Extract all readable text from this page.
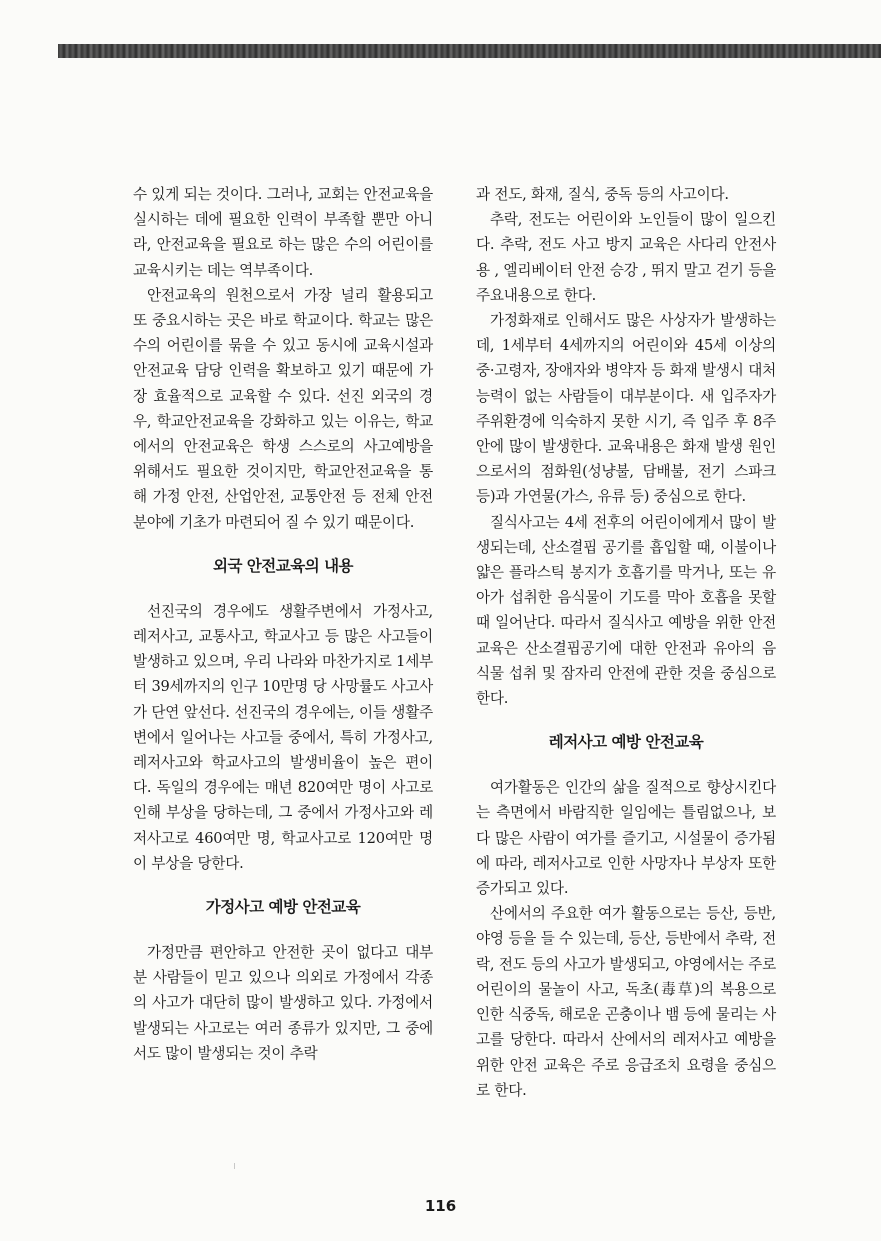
수 있게 되는 것이다. 그러나, 교회는 안전교육을 실시하는 데에 필요한 인력이 부족할 뿐만 아니라, 안전교육을 필요로 하는 많은 수의 어린이를 교육시키는 데는 역부족이다.

안전교육의 원천으로서 가장 널리 활용되고 또 중요시하는 곳은 바로 학교이다. 학교는 많은 수의 어린이를 묶을 수 있고 동시에 교육시설과 안전교육 담당 인력을 확보하고 있기 때문에 가장 효율적으로 교육할 수 있다. 선진 외국의 경우, 학교안전교육을 강화하고 있는 이유는, 학교에서의 안전교육은 학생 스스로의 사고예방을 위해서도 필요한 것이지만, 학교안전교육을 통해 가정 안전, 산업안전, 교통안전 등 전체 안전분야에 기초가 마련되어 질 수 있기 때문이다.

외국 안전교육의 내용

선진국의 경우에도 생활주변에서 가정사고, 레저사고, 교통사고, 학교사고 등 많은 사고들이 발생하고 있으며, 우리 나라와 마찬가지로 1세부터 39세까지의 인구 10만명 당 사망률도 사고사가 단연 앞선다. 선진국의 경우에는, 이들 생활주변에서 일어나는 사고들 중에서, 특히 가정사고, 레저사고와 학교사고의 발생비율이 높은 편이다. 독일의 경우에는 매년 820여만 명이 사고로 인해 부상을 당하는데, 그 중에서 가정사고와 레저사고로 460여만 명, 학교사고로 120여만 명이 부상을 당한다.

가정사고 예방 안전교육

가정만큼 편안하고 안전한 곳이 없다고 대부분 사람들이 믿고 있으나 의외로 가정에서 각종의 사고가 대단히 많이 발생하고 있다. 가정에서 발생되는 사고로는 여러 종류가 있지만, 그 중에서도 많이 발생되는 것이 추락

과 전도, 화재, 질식, 중독 등의 사고이다.

추락, 전도는 어린이와 노인들이 많이 일으킨다. 추락, 전도 사고 방지 교육은 사다리 안전사용 , 엘리베이터 안전 승강 , 뛰지 말고 걷기 등을 주요내용으로 한다.

가정화재로 인해서도 많은 사상자가 발생하는데, 1세부터 4세까지의 어린이와 45세 이상의 중·고령자, 장애자와 병약자 등 화재 발생시 대처능력이 없는 사람들이 대부분이다. 새 입주자가 주위환경에 익숙하지 못한 시기, 즉 입주 후 8주 안에 많이 발생한다. 교육내용은 화재 발생 원인으로서의 점화원(성냥불, 담배불, 전기 스파크 등)과 가연물(가스, 유류 등) 중심으로 한다.

질식사고는 4세 전후의 어린이에게서 많이 발생되는데, 산소결핍 공기를 흡입할 때, 이불이나 얇은 플라스틱 봉지가 호흡기를 막거나, 또는 유아가 섭취한 음식물이 기도를 막아 호흡을 못할 때 일어난다. 따라서 질식사고 예방을 위한 안전교육은 산소결핍공기에 대한 안전과 유아의 음식물 섭취 및 잠자리 안전에 관한 것을 중심으로 한다.

레저사고 예방 안전교육

여가활동은 인간의 삶을 질적으로 향상시킨다는 측면에서 바람직한 일임에는 틀림없으나, 보다 많은 사람이 여가를 즐기고, 시설물이 증가됨에 따라, 레저사고로 인한 사망자나 부상자 또한 증가되고 있다.

산에서의 주요한 여가 활동으로는 등산, 등반, 야영 등을 들 수 있는데, 등산, 등반에서 추락, 전락, 전도 등의 사고가 발생되고, 야영에서는 주로 어린이의 물놀이 사고, 독초(毒草)의 복용으로 인한 식중독, 해로운 곤충이나 뱀 등에 물리는 사고를 당한다. 따라서 산에서의 레저사고 예방을 위한 안전 교육은 주로 응급조치 요령을 중심으로 한다.

116
